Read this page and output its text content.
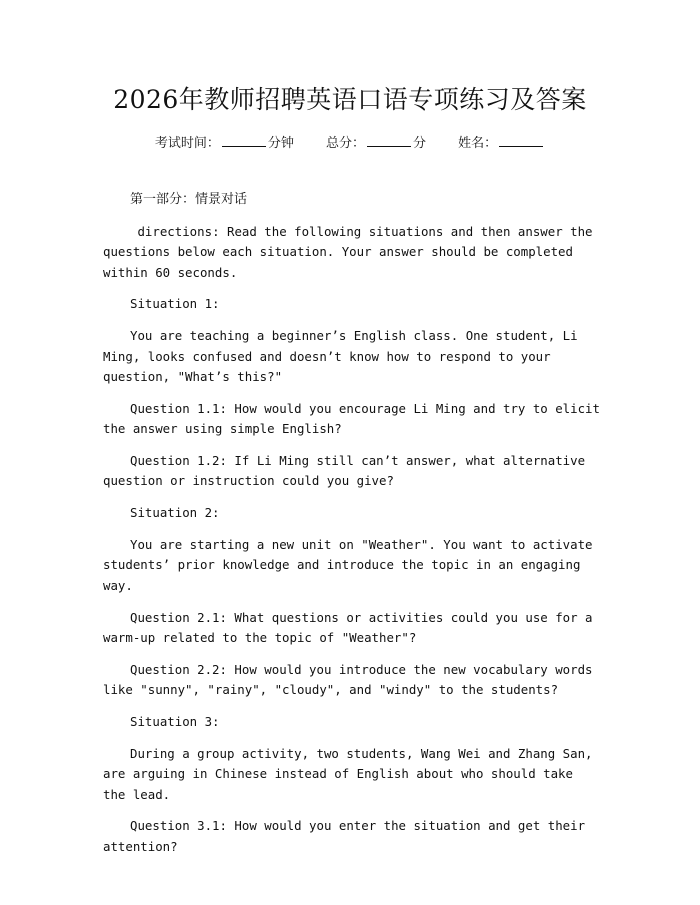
2026年教师招聘英语口语专项练习及答案
考试时间：	分钟 总分：	分 姓名：

第一部分：情景对话

directions: Read the following situations and then answer the questions below each situation. Your answer should be completed within 60 seconds.

Situation 1:

You are teaching a beginner’s English class. One student, Li Ming, looks confused and doesn’t know how to respond to your question, "What’s this?"

Question 1.1: How would you encourage Li Ming and try to elicit the answer using simple English?

Question 1.2: If Li Ming still can’t answer, what alternative question or instruction could you give?

Situation 2:

You are starting a new unit on "Weather". You want to activate students’ prior knowledge and introduce the topic in an engaging way.

Question 2.1: What questions or activities could you use for a warm-up related to the topic of "Weather"?

Question 2.2: How would you introduce the new vocabulary words like "sunny", "rainy", "cloudy", and "windy" to the students?

Situation 3:

During a group activity, two students, Wang Wei and Zhang San, are arguing in Chinese instead of English about who should take the lead.

Question 3.1: How would you enter the situation and get their attention?
